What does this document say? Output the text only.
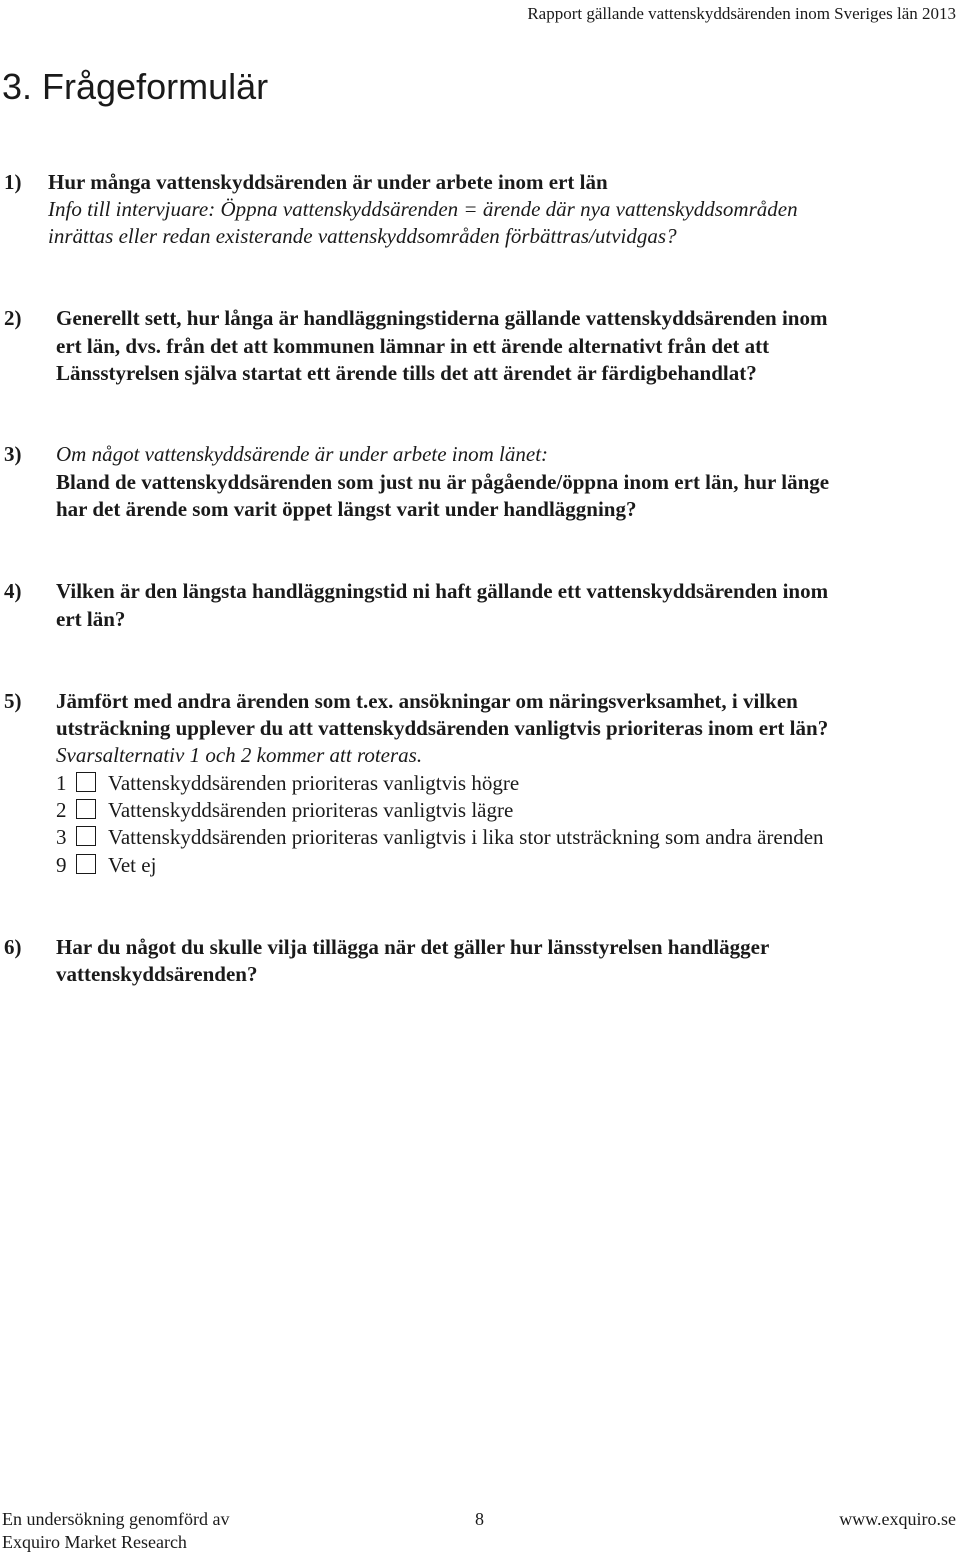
Rapport gällande vattenskyddsärenden inom Sveriges län 2013
3. Frågeformulär
1) Hur många vattenskyddsärenden är under arbete inom ert län
Info till intervjuare: Öppna vattenskyddsärenden = ärende där nya vattenskyddsområden
inrättas eller redan existerande vattenskyddsområden förbättras/utvidgas?
2) Generellt sett, hur långa är handläggningstiderna gällande vattenskyddsärenden inom
ert län, dvs. från det att kommunen lämnar in ett ärende alternativt från det att
Länsstyrelsen själva startat ett ärende tills det att ärendet är färdigbehandlat?
3) Om något vattenskyddsärende är under arbete inom länet:
Bland de vattenskyddsärenden som just nu är pågående/öppna inom ert län, hur länge
har det ärende som varit öppet längst varit under handläggning?
4) Vilken är den längsta handläggningstid ni haft gällande ett vattenskyddsärenden inom
ert län?
5) Jämfört med andra ärenden som t.ex. ansökningar om näringsverksamhet, i vilken
utsträckning upplever du att vattenskyddsärenden vanligtvis prioriteras inom ert län?
Svarsalternativ 1 och 2 kommer att roteras.
1 Vattenskyddsärenden prioriteras vanligtvis högre
2 Vattenskyddsärenden prioriteras vanligtvis lägre
3 Vattenskyddsärenden prioriteras vanligtvis i lika stor utsträckning som andra ärenden
9 Vet ej
6) Har du något du skulle vilja tillägga när det gäller hur länsstyrelsen handlägger
vattenskyddsärenden?
En undersökning genomförd av
Exquiro Market Research
8	www.exquiro.se
